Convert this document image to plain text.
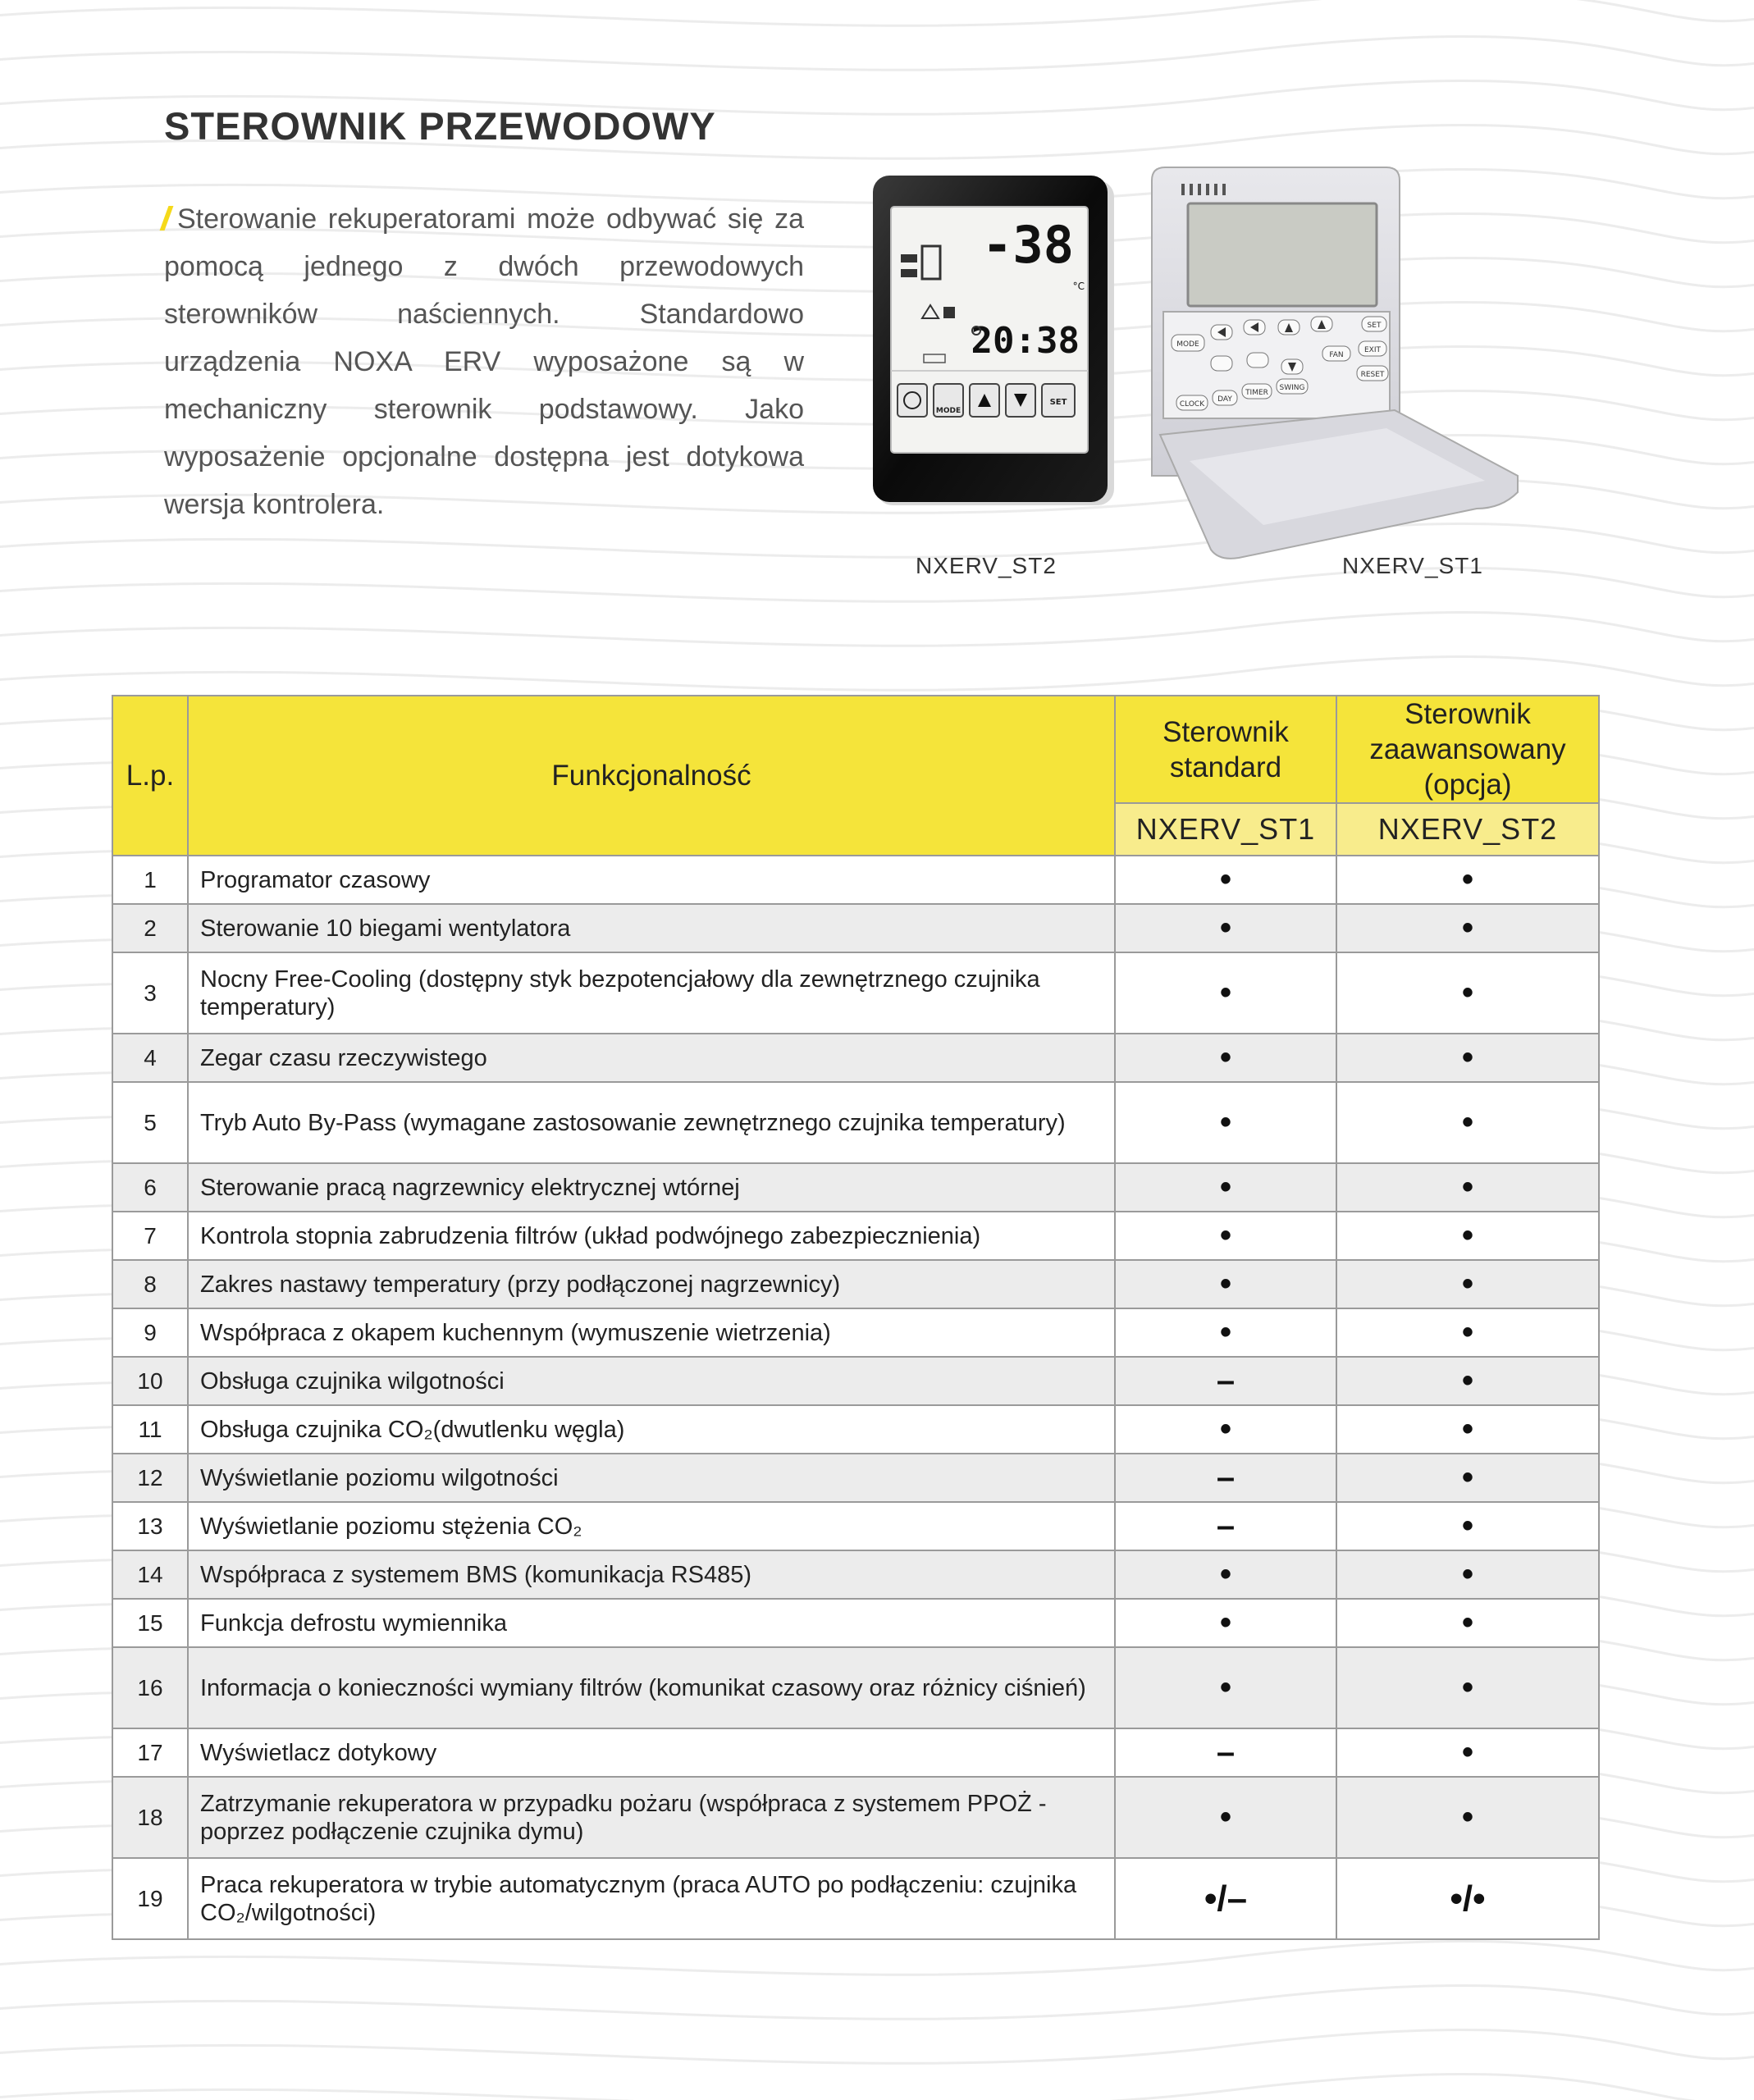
STEROWNIK PRZEWODOWY

Sterowanie rekuperatorami może odbywać się za pomocą jednego z dwóch przewodowych sterowników naściennych. Standardowo urządzenia NOXA ERV wyposażone są w mechaniczny sterownik podstawowy. Jako wyposażenie opcjonalne dostępna jest dotykowa wersja kontrolera.

-38
°C
20:38
MODE
SET
NXERV_ST2
MODE
SET
FAN
EXIT
RESET
CLOCK
DAY
TIMER
SWING
NXERV_ST1
L.p.	Funkcjonalność	Sterownik standard	Sterownik zaawansowany (opcja)
		NXERV_ST1	NXERV_ST2
1	Programator czasowy	•	•
2	Sterowanie 10 biegami wentylatora	•	•
3	Nocny Free-Cooling (dostępny styk bezpotencjałowy dla zewnętrznego czujnika temperatury)	•	•
4	Zegar czasu rzeczywistego	•	•
5	Tryb Auto By-Pass (wymagane zastosowanie zewnętrznego czujnika temperatury)	•	•
6	Sterowanie pracą nagrzewnicy elektrycznej wtórnej	•	•
7	Kontrola stopnia zabrudzenia filtrów (układ podwójnego zabezpiecznienia)	•	•
8	Zakres nastawy temperatury (przy podłączonej nagrzewnicy)	•	•
9	Współpraca z okapem kuchennym (wymuszenie wietrzenia)	•	•
10	Obsługa czujnika wilgotności	–	•
11	Obsługa czujnika CO₂(dwutlenku węgla)	•	•
12	Wyświetlanie poziomu wilgotności	–	•
13	Wyświetlanie poziomu stężenia CO₂	–	•
14	Współpraca z systemem BMS (komunikacja RS485)	•	•
15	Funkcja defrostu wymiennika	•	•
16	Informacja o konieczności wymiany filtrów (komunikat czasowy oraz różnicy ciśnień)	•	•
17	Wyświetlacz dotykowy	–	•
18	Zatrzymanie rekuperatora w przypadku pożaru (współpraca z systemem PPOŻ - poprzez podłączenie czujnika dymu)	•	•
19	Praca rekuperatora w trybie automatycznym (praca AUTO po podłączeniu: czujnika CO₂/wilgotności)	•/–	•/•
